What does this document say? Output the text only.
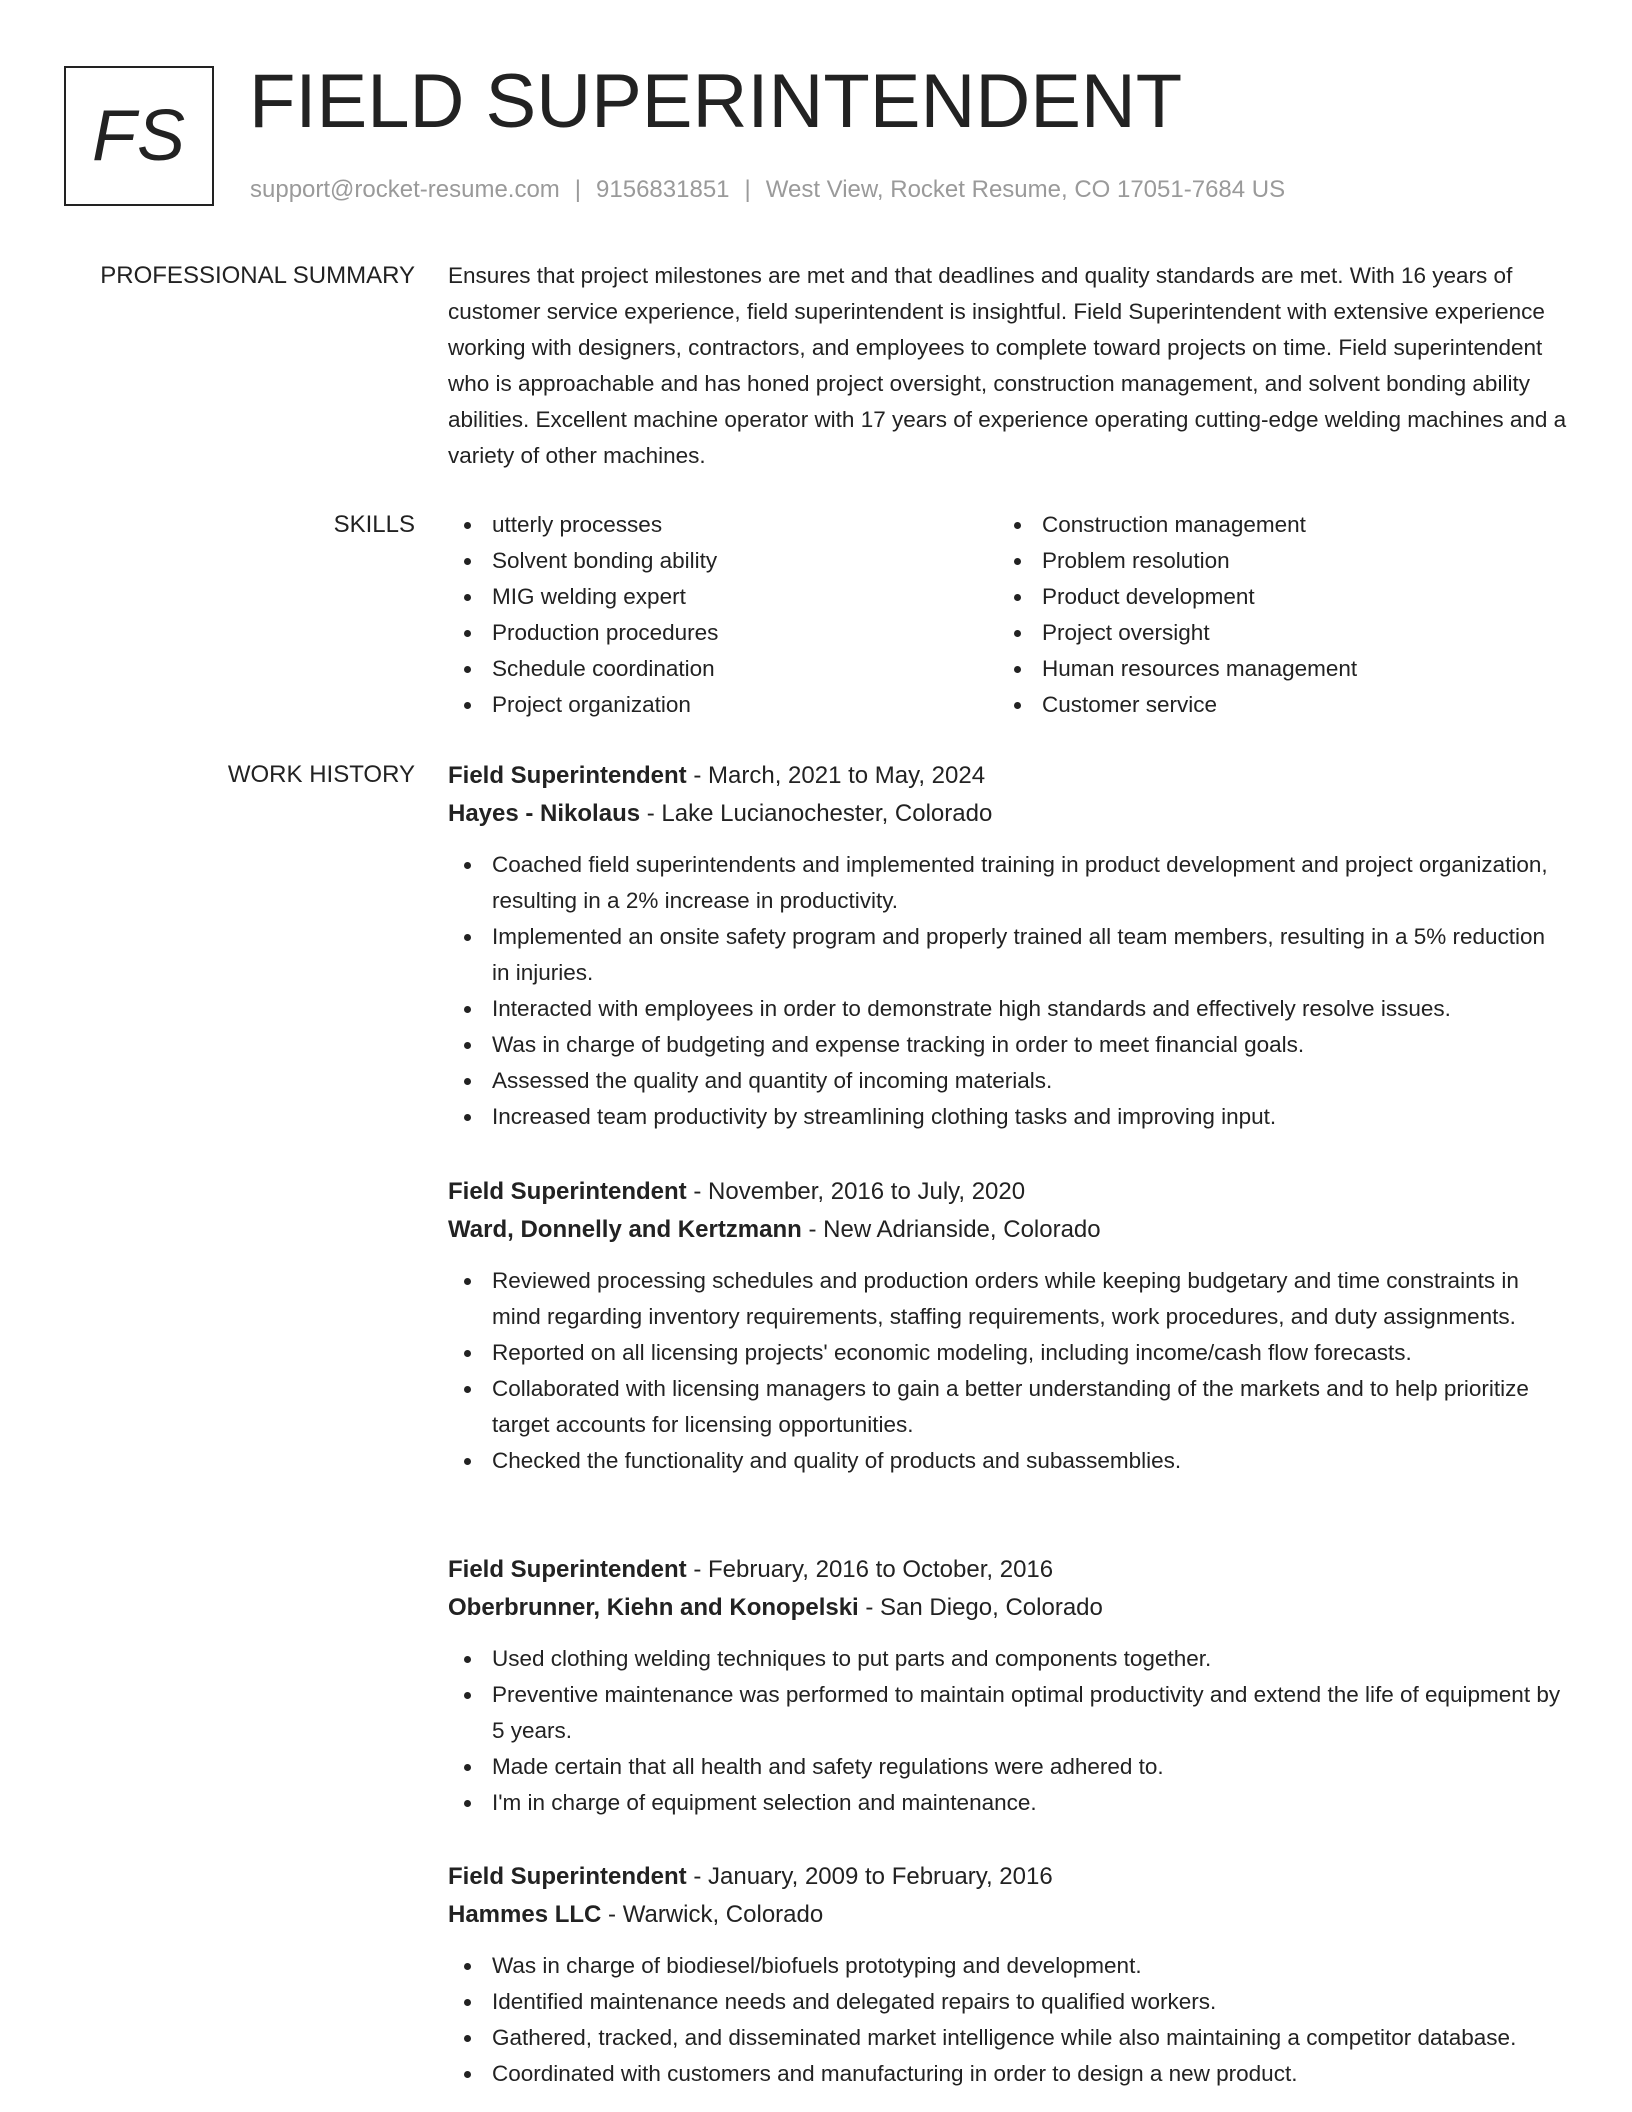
FS FIELD SUPERINTENDENT
support@rocket-resume.com | 9156831851 | West View, Rocket Resume, CO 17051-7684 US
PROFESSIONAL SUMMARY Ensures that project milestones are met and that deadlines and quality standards are met. With 16 years of customer service experience, field superintendent is insightful. Field Superintendent with extensive experience working with designers, contractors, and employees to complete toward projects on time. Field superintendent who is approachable and has honed project oversight, construction management, and solvent bonding ability abilities. Excellent machine operator with 17 years of experience operating cutting-edge welding machines and a variety of other machines.

SKILLS	utterly processes
Solvent bonding ability
MIG welding expert
Production procedures
Schedule coordination
Project organization
Construction management
Problem resolution
Product development
Project oversight
Human resources management
Customer service
WORK HISTORY Field Superintendent - March, 2021 to May, 2024
Hayes - Nikolaus - Lake Lucianochester, Colorado
Coached field superintendents and implemented training in product development and project organization, resulting in a 2% increase in productivity.
Implemented an onsite safety program and properly trained all team members, resulting in a 5% reduction in injuries.
Interacted with employees in order to demonstrate high standards and effectively resolve issues.
Was in charge of budgeting and expense tracking in order to meet financial goals.
Assessed the quality and quantity of incoming materials.
Increased team productivity by streamlining clothing tasks and improving input.
Field Superintendent - November, 2016 to July, 2020
Ward, Donnelly and Kertzmann - New Adrianside, Colorado
Reviewed processing schedules and production orders while keeping budgetary and time constraints in mind regarding inventory requirements, staffing requirements, work procedures, and duty assignments.
Reported on all licensing projects' economic modeling, including income/cash flow forecasts.
Collaborated with licensing managers to gain a better understanding of the markets and to help prioritize target accounts for licensing opportunities.
Checked the functionality and quality of products and subassemblies.
Field Superintendent - February, 2016 to October, 2016
Oberbrunner, Kiehn and Konopelski - San Diego, Colorado
Used clothing welding techniques to put parts and components together.
Preventive maintenance was performed to maintain optimal productivity and extend the life of equipment by 5 years.
Made certain that all health and safety regulations were adhered to.
I'm in charge of equipment selection and maintenance.
Field Superintendent - January, 2009 to February, 2016
Hammes LLC - Warwick, Colorado
Was in charge of biodiesel/biofuels prototyping and development.
Identified maintenance needs and delegated repairs to qualified workers.
Gathered, tracked, and disseminated market intelligence while also maintaining a competitor database.
Coordinated with customers and manufacturing in order to design a new product.
